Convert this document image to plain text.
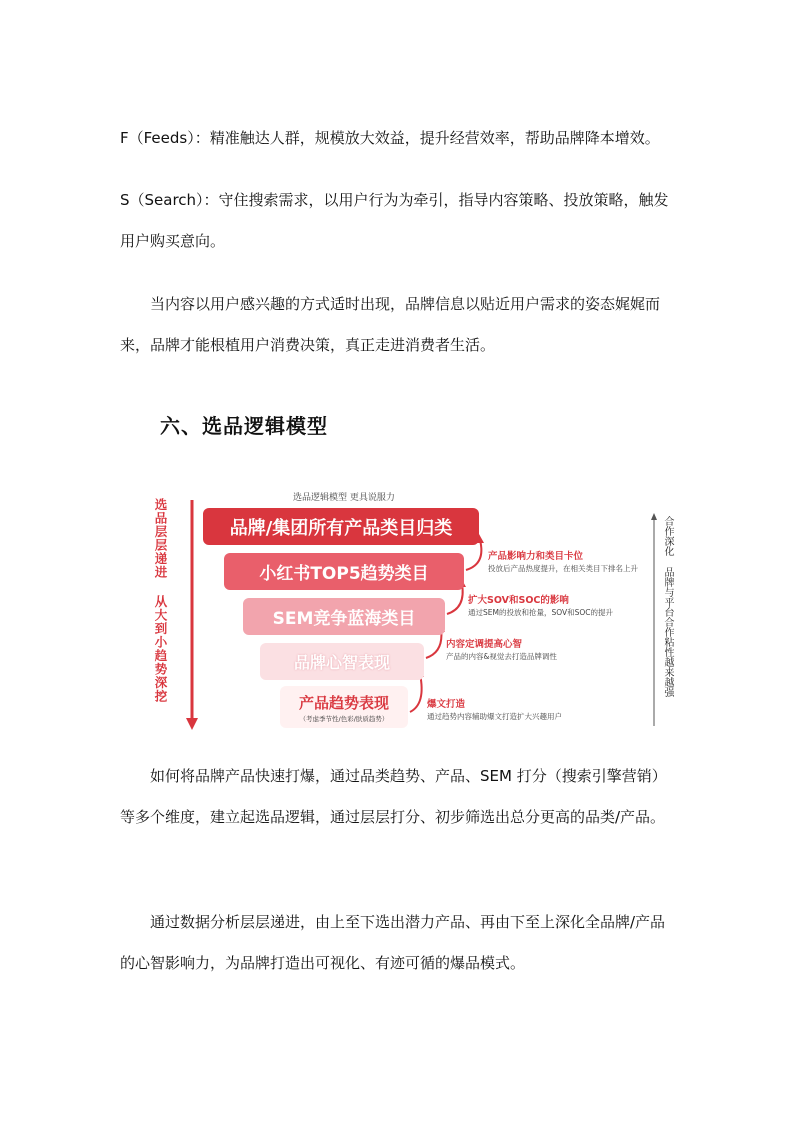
F（Feeds）：精准触达人群，规模放大效益，提升经营效率，帮助品牌降本增效。

S（Search）：守住搜索需求，以用户行为为牵引，指导内容策略、投放策略，触发用户购买意向。

当内容以用户感兴趣的方式适时出现，品牌信息以贴近用户需求的姿态娓娓而来，品牌才能根植用户消费决策，真正走进消费者生活。

六、选品逻辑模型
选品逻辑模型 更具说服力
选品层层递进 从大到小趋势深挖	合作深化 品牌与平台合作粘性越来越强
品牌/集团所有产品类目归类
小红书TOP5趋势类目
SEM竞争蓝海类目
品牌心智表现
产品趋势表现
（考虑季节性/色彩/肤质趋势）
产品影响力和类目卡位
投放后产品热度提升，在相关类目下排名上升
扩大SOV和SOC的影响
通过SEM的投放和抢量，SOV和SOC的提升
内容定调提高心智
产品的内容&视觉去打造品牌调性
爆文打造
通过趋势内容辅助爆文打造扩大兴趣用户

如何将品牌产品快速打爆，通过品类趋势、产品、SEM 打分（搜索引擎营销）等多个维度，建立起选品逻辑，通过层层打分、初步筛选出总分更高的品类/产品。

通过数据分析层层递进，由上至下选出潜力产品、再由下至上深化全品牌/产品的心智影响力，为品牌打造出可视化、有迹可循的爆品模式。
